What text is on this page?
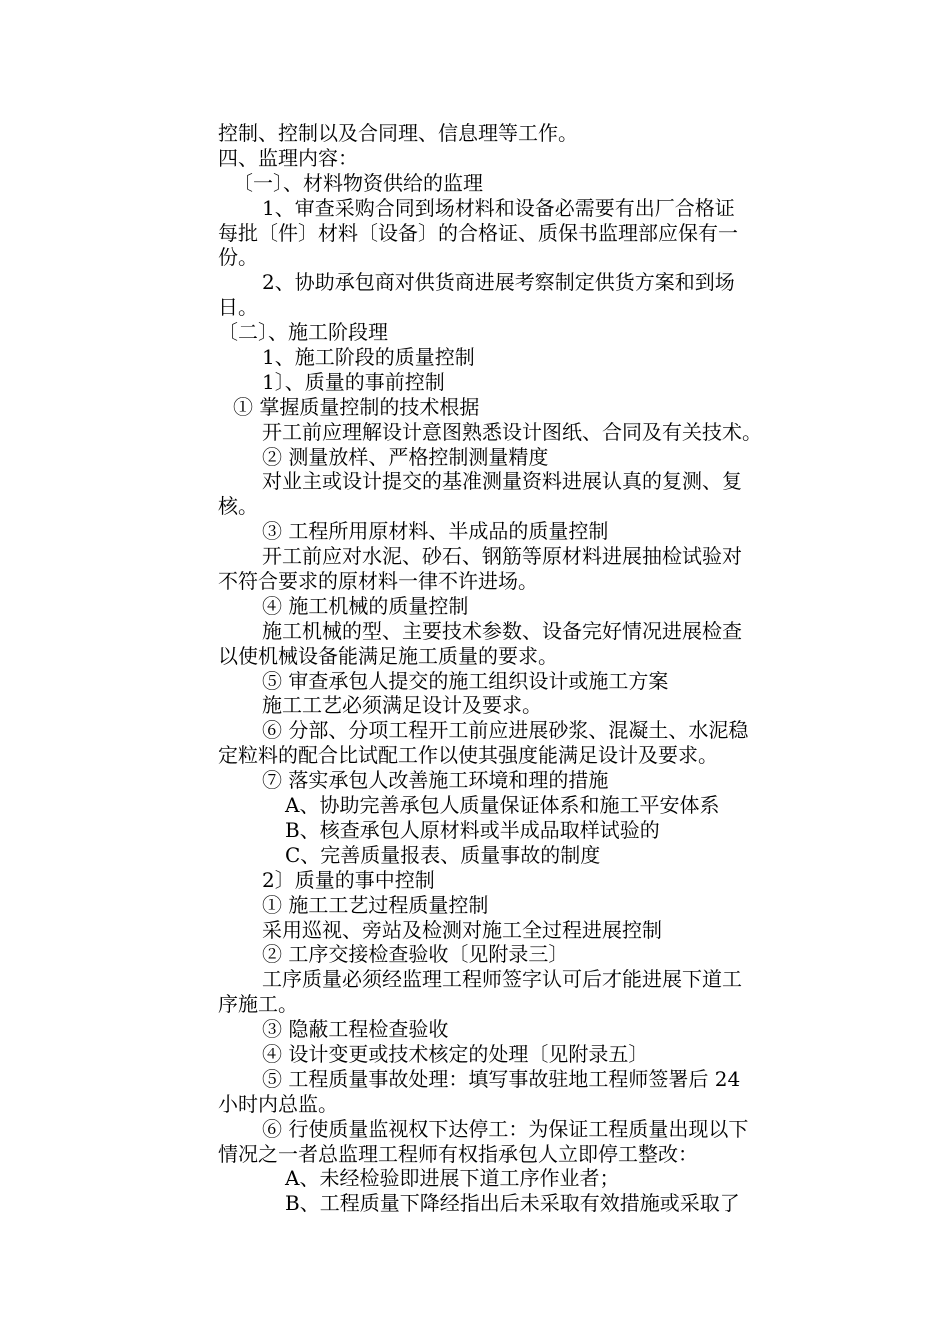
控制、控制以及合同理、信息理等工作。
四、监理内容：
〔一〕、材料物资供给的监理
1、审查采购合同到场材料和设备必需要有出厂合格证
每批〔件〕材料〔设备〕的合格证、质保书监理部应保有一
份。
2、协助承包商对供货商进展考察制定供货方案和到场
日。
〔二〕、施工阶段理
1、施工阶段的质量控制
1〕、质量的事前控制
① 掌握质量控制的技术根据
开工前应理解设计意图熟悉设计图纸、合同及有关技术。
② 测量放样、严格控制测量精度
对业主或设计提交的基准测量资料进展认真的复测、复
核。
③ 工程所用原材料、半成品的质量控制
开工前应对水泥、砂石、钢筋等原材料进展抽检试验对
不符合要求的原材料一律不许进场。
④ 施工机械的质量控制
施工机械的型、主要技术参数、设备完好情况进展检查
以使机械设备能满足施工质量的要求。
⑤ 审查承包人提交的施工组织设计或施工方案
施工工艺必须满足设计及要求。
⑥ 分部、分项工程开工前应进展砂浆、混凝土、水泥稳
定粒料的配合比试配工作以使其强度能满足设计及要求。
⑦ 落实承包人改善施工环境和理的措施
A、协助完善承包人质量保证体系和施工平安体系
B、核查承包人原材料或半成品取样试验的
C、完善质量报表、质量事故的制度
2〕质量的事中控制
① 施工工艺过程质量控制
采用巡视、旁站及检测对施工全过程进展控制
② 工序交接检查验收〔见附录三〕
工序质量必须经监理工程师签字认可后才能进展下道工
序施工。
③ 隐蔽工程检查验收
④ 设计变更或技术核定的处理〔见附录五〕
⑤ 工程质量事故处理：填写事故驻地工程师签署后 24
小时内总监。
⑥ 行使质量监视权下达停工：为保证工程质量出现以下
情况之一者总监理工程师有权指承包人立即停工整改：
A、未经检验即进展下道工序作业者；
B、工程质量下降经指出后未采取有效措施或采取了
